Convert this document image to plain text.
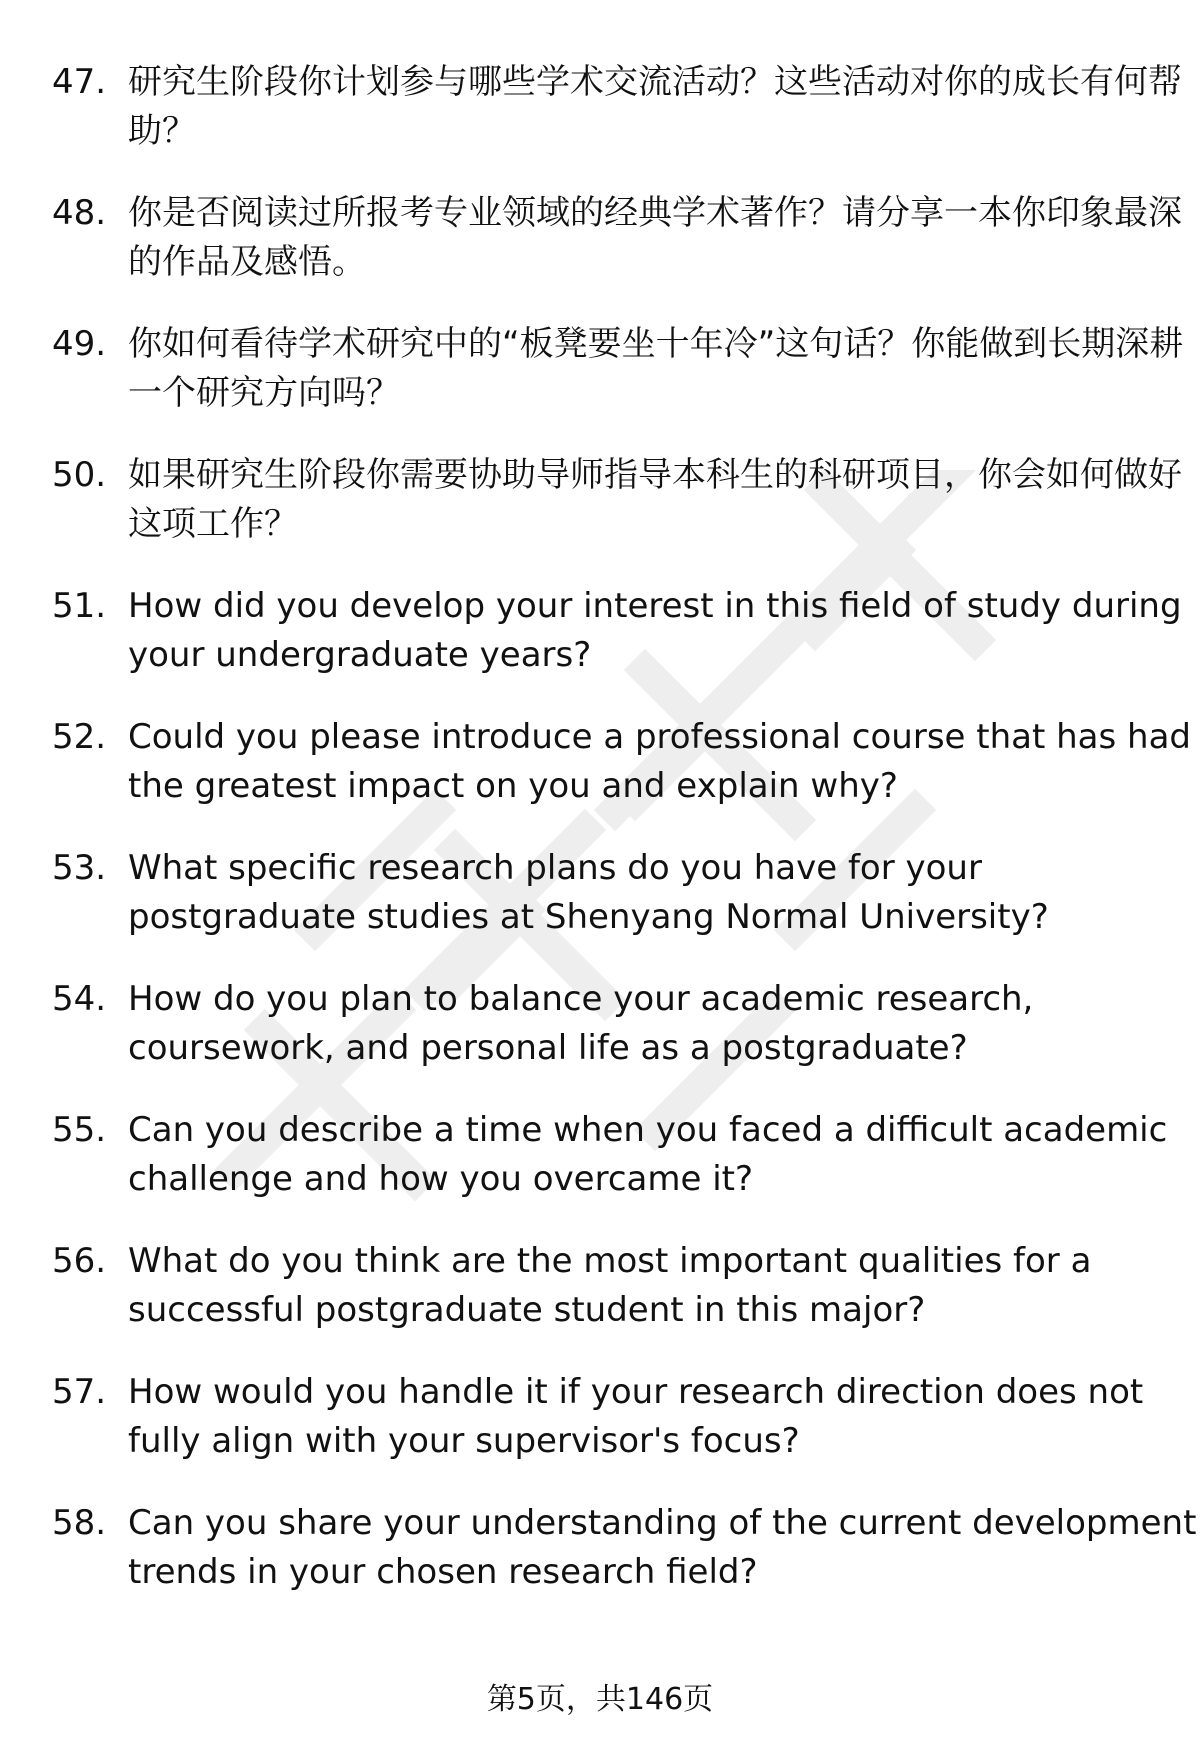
47. 研究生阶段你计划参与哪些学术交流活动？这些活动对你的成长有何帮助？

48. 你是否阅读过所报考专业领域的经典学术著作？请分享一本你印象最深的作品及感悟。

49. 你如何看待学术研究中的“板凳要坐十年冷”这句话？你能做到长期深耕一个研究方向吗？

50. 如果研究生阶段你需要协助导师指导本科生的科研项目，你会如何做好这项工作？

51. How did you develop your interest in this field of study during your undergraduate years?

52. Could you please introduce a professional course that has had the greatest impact on you and explain why?

53. What specific research plans do you have for your postgraduate studies at Shenyang Normal University?

54. How do you plan to balance your academic research, coursework, and personal life as a postgraduate?

55. Can you describe a time when you faced a difficult academic challenge and how you overcame it?

56. What do you think are the most important qualities for a successful postgraduate student in this major?

57. How would you handle it if your research direction does not fully align with your supervisor's focus?

58. Can you share your understanding of the current development trends in your chosen research field?

第5页，共146页
